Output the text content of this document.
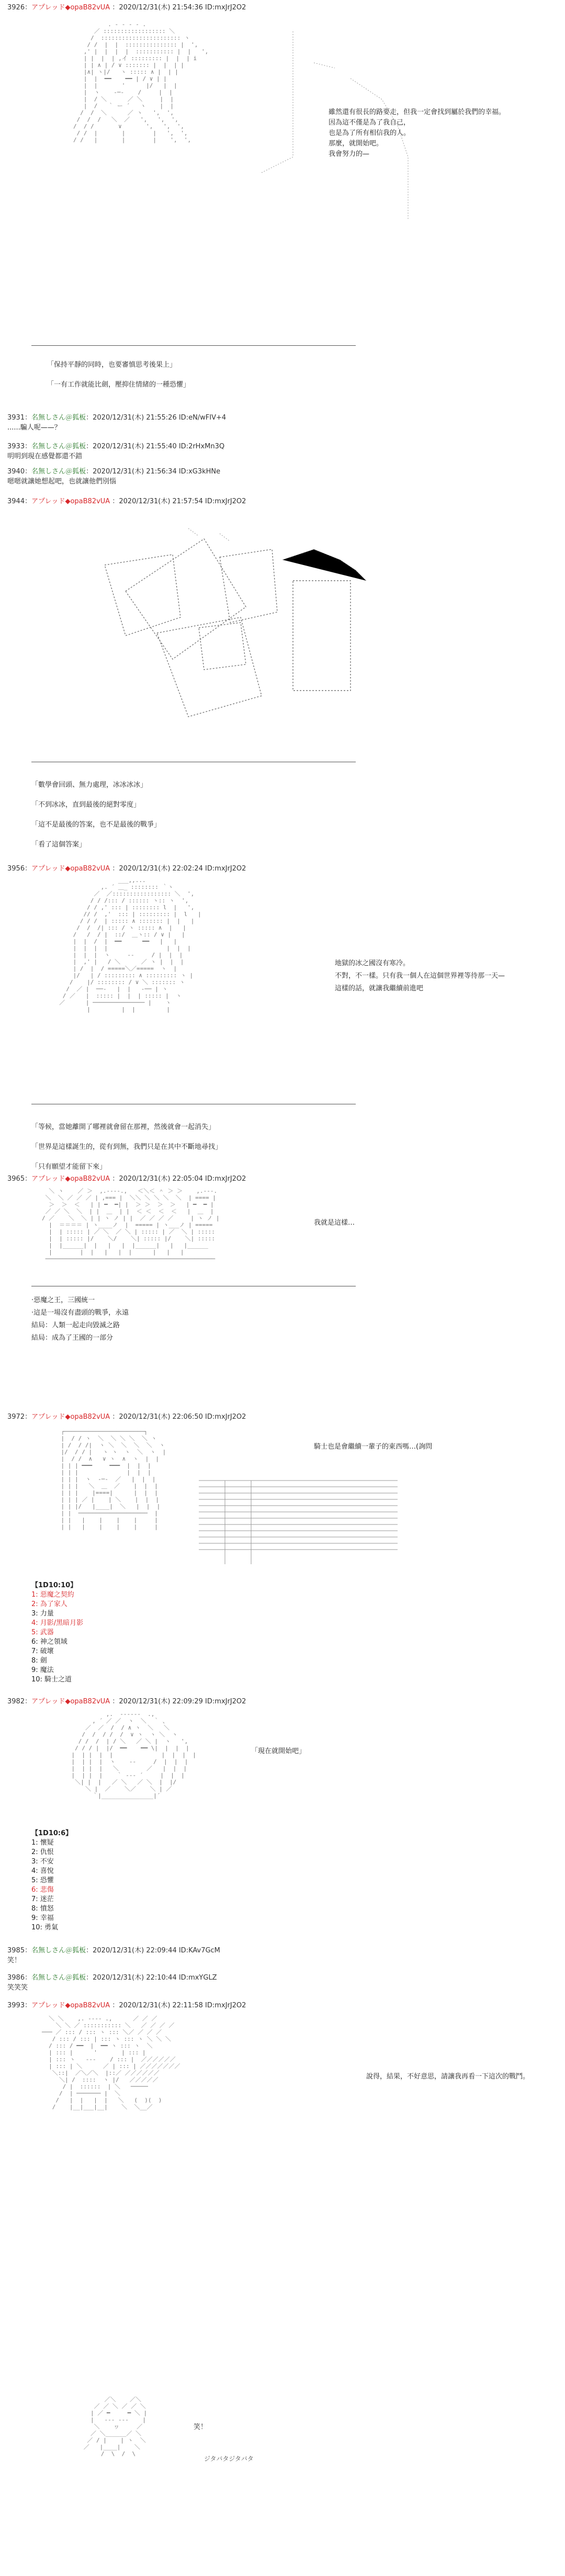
3926：アプレッド◆opaB82vUA ：2020/12/31(木) 21:54:36 ID:mxJrJ2O2
. - ‐ ‐ - .
／ :::::::::::::::::: ＼
/  ::::::::::::::::::::::: ヽ
/ /  |  |  ::::::::::::::: |  ',
,' |  |  |  |  ::::::::::: |  |   ',
| |  |  | ,イ ::::::::: |  |  | i
| | ∧ | / ∨ ::::::: |  |  | |
|∧| ヽ|/   ヽ ::::: ∧ |  | |
|  |  ━━    ━━ | / ∨ | |
|  |       '      |/   |  |
|  ヽ    ‐─‐    /     |  |
|  / ＼      ／ ＼     |  |
|  /   ｀ ー ´   ヽ    |  |
/  /  ＼      ／ ヽ   ',  ',
/  /  /   ＼  ／   ',   ',  ',
/  / /       ∨       ',   ',  ',
/ /  |       |        |   ',  ',
/ /   |       |        |    ',  ',
雖然還有很長的路要走，但我一定會找到屬於我們的幸福。
因為這不僅是為了我自己，
也是為了所有相信我的人。
那麼，就開始吧。
我會努力的—
「保持平靜的同時，也要審慎思考後果上」
「一有工作就能比劍，壓抑住情緒的一種恐懼」
3931：名無しさん＠狐板：2020/12/31(木) 21:55:26 ID:eN/wFIV+4
......騙人呢——？
3933：名無しさん＠狐板：2020/12/31(木) 21:55:40 ID:2rHxMn3Q
明明到現在感覺都還不錯
3940：名無しさん＠狐板：2020/12/31(木) 21:56:34 ID:xG3kHNe
嗯嗯就讓她想起吧，也就讓他們別惱
3944：アプレッド◆opaB82vUA ：2020/12/31(木) 21:57:54 ID:mxJrJ2O2
「數學會回頭、無力處理，冰冰冰冰」
「不到冰冰，直到最後的絕對零度」
「這不是最後的答案，也不是最後的戰爭」
「看了這個答案」
3956：アプレッド◆opaB82vUA ：2020/12/31(木) 22:02:24 ID:mxJrJ2O2
___,,...
,. ´ ＿_ :::::::: ｀ヽ
／  ／::::::::::::::::: ＼  ',
/ / /::: / :::::: ヽ:: ヽ  ',
/ / ,' ::: | :::::::: l  |   ',
// /  ,'  ::: | ::::::::: |  l   |
/ / /  | ::::: ∧ ::::::: |  |   |
/  /  /| ::: / ヽ ::::: ∧  |   |
/   /  / |  ::/  ＿ヽ:: / ∨ |   |
|  |  /  |  ━━      ━━   |   |
|  |  |  |                 |  |  |
|  |  |  ヽ     ‐‐     / |  |  |
|  ,' |   / ＼      ／ ヽ |  |  |
| /  |  / =====＼／=====  ヽ  |
|/   | / ::::::::: ∧ ::::::::: ヽ |
/    |/ :::::::: / ∨ ＼ ::::::: ヽ
/  ／ |  ──‐   |  |   ‐── | ヽ
/ ／   |  ::::: |  |  | ::::: |  ヽ
／      | ─────────────── |    ヽ
|         |  |         |
地獄的冰之國沒有寒冷。
不對，不一樣。只有我一個人在這個世界裡等待那一天—
這樣的話，就讓我繼續前進吧
「等候，當她離開了哪裡就會留在那裡，然後就會一起消失」
「世界是這樣誕生的，從有到無，我們只是在其中不斷地尋找」
「只有願望才能留下來」
3965：アプレッド◆opaB82vUA ：2020/12/31(木) 22:05:04 ID:mxJrJ2O2
＼ ヽ    ／ ＞  ,.--‐‐.,   ＜＼＜ ＾ ＞ ＞    ,.-‐‐.
＼  ＼ ／ ／ ／ | ,=== |  ＼＼ ＼ ＼ ＼  ＼  | ==== |
＞  ＞  ＜   | | ━  ━| |  ＞ ＞  ＞  ＞   | ━  ━ |
／ ／ ＼  ＼  | |  ＿  | |  ＜ ＜  ＜  ＜   |  ＿  |
/ ／    ＼  ＼ | | ヽ ノ | |  ／ ／ ／ ／     | ヽ ノ |
|  ＝＝＝＝ | ヽ____ノ  |  ===== | ヽ___ノ | =====
|  | ::::: | ／ ＼  ／ ＼ | ::::: | ／  ＼ | :::::
|  | ::::: |/    ＼/    ＼| ::::: |/    ＼| :::::
|  |______|  |   |   |  |______|   |   |______
|        |  |   |   |  |      |   |   |
─────────────────────────────────────────────────
我就是這樣…
·惡魔之王，三國統一
·這是一場沒有盡頭的戰爭，永遠
結局：人類一起走向毀滅之路
結局：成為了王國的一部分
3972：アプレッド◆opaB82vUA ：2020/12/31(木) 22:06:50 ID:mxJrJ2O2
┌───────────────────────┐
|  / / ヽ  ＼  ＼ ＼ ＼  ＼ ヽ
| /  / /|  ヽ ＼  ＼  ＼  ＼  ヽ
|/  / / |   ヽ ヽ  ヽ  ＼  ヽ  |
|  / /  ∧   ∨ ヽ  ∧  ヽ  |  |
| | | ━━━     ━━━  |  |  |
| | |              |  |  |
| | |  ヽ  ‐─‐  ／   |  |  |
| | |   ＼  ＿  ／    |  |  |
| | |    |====|      |  |  |
| | | ／ |    | ＼    |  |  |
| | |/   |____|  ＼   |  |  |
| |  ────────────────────  |
| |   |    |    |    |     |
| |   |    |    |    |     |
騎士也是會繼續一輩子的東西嗎…(詢問
【1D10:10】
1: 惡魔之契約
2: 為了家人
3: 力量
4: 月影/黑暗月影
5: 武器
6: 神之領域
7: 破壞
8: 劍
9: 魔法
10: 騎士之道
3982：アプレッド◆opaB82vUA ：2020/12/31(木) 22:09:29 ID:mxJrJ2O2
,.  -‐‐‐‐-  .,
, ´ ／ ／  ヽ  ＼  ｀ 、
／  ／  /  / ∧ ヽ  ＼   ＼
/  /  / /  /  ∨ ヽ  ヽ ＼  ヽ
/ /  /  | / ＼   ／ ＼ |  ヽ   ',
/ / / |  |/  ━━    ━━ \|  |  |  |
|  | |  |  |              |  |  |  |
|  | |  |  ヽ    ‐‐     /  |  |  |
|  | |  |   ＼        ／   |  |  |
|  | |  |    ｀ ‐‐‐ ´     |  |  |
＼| |  |   ／ ＼   ／ ＼  |  |/
＼ |  ／    ＼／    ＼ | ／
｀|_______________|´
「現在就開始吧」
【1D10:6】
1: 懷疑
2: 仇恨
3: 不安
4: 喜悅
5: 恐懼
6: 悲傷
7: 迷茫
8: 憤怒
9: 幸福
10: 勇氣
3985：名無しさん＠狐板：2020/12/31(木) 22:09:44 ID:KAv7GcM
笑！
3986：名無しさん＠狐板：2020/12/31(木) 22:10:44 ID:mxYGLZ
笑笑笑
3993：アプレッド◆opaB82vUA ：2020/12/31(木) 22:11:58 ID:mxJrJ2O2
＼ ＼    ,. ‐‐‐‐ .,      ／ ／ ／
＼ ＼ ／ ::::::::::: ＼   ／ ／ ／ ／
─── ／ ::: / ::: ヽ ::: ＼／ ／ ／ ／
/ ::: / ::: | ::: ヽ ::: ヽ ＼ ＼ ＼
/ ::: / ━━  |  ━━ ヽ ::: ヽ  ＼
| ::: |      '       | ::: |
| ::: ヽ   ‐‐‐    / ::: |  ／／／／／／
| ::: | ＼      ／ | ::: | ／／／／／／／
＼::|  ／＼／＼  |::／ ／／／／／／
＼| /  ::::  ヽ |/   ／／／／／
/ |  ::::::  | ＼   ─────
/  | ─────── |  ＼
/   |  |   |  |   ＼   (  )(  )
/    |__|___|__|    ＼  ＼__／
說得，結果，不好意思，請讓我再看一下這次的戰鬥。
／＼    ／＼
／ ／ ＼ ／ ／ ＼
| ／ ━     ━ ＼ |
|   ‐‐‐ ‐‐‐    |
＼    ヮ     ／
／ ＼______／ ＼
／ / |    | ヽ  ＼
／   |____|    ＼
/  \  /  \
笑！
ジタバタジタバタ
